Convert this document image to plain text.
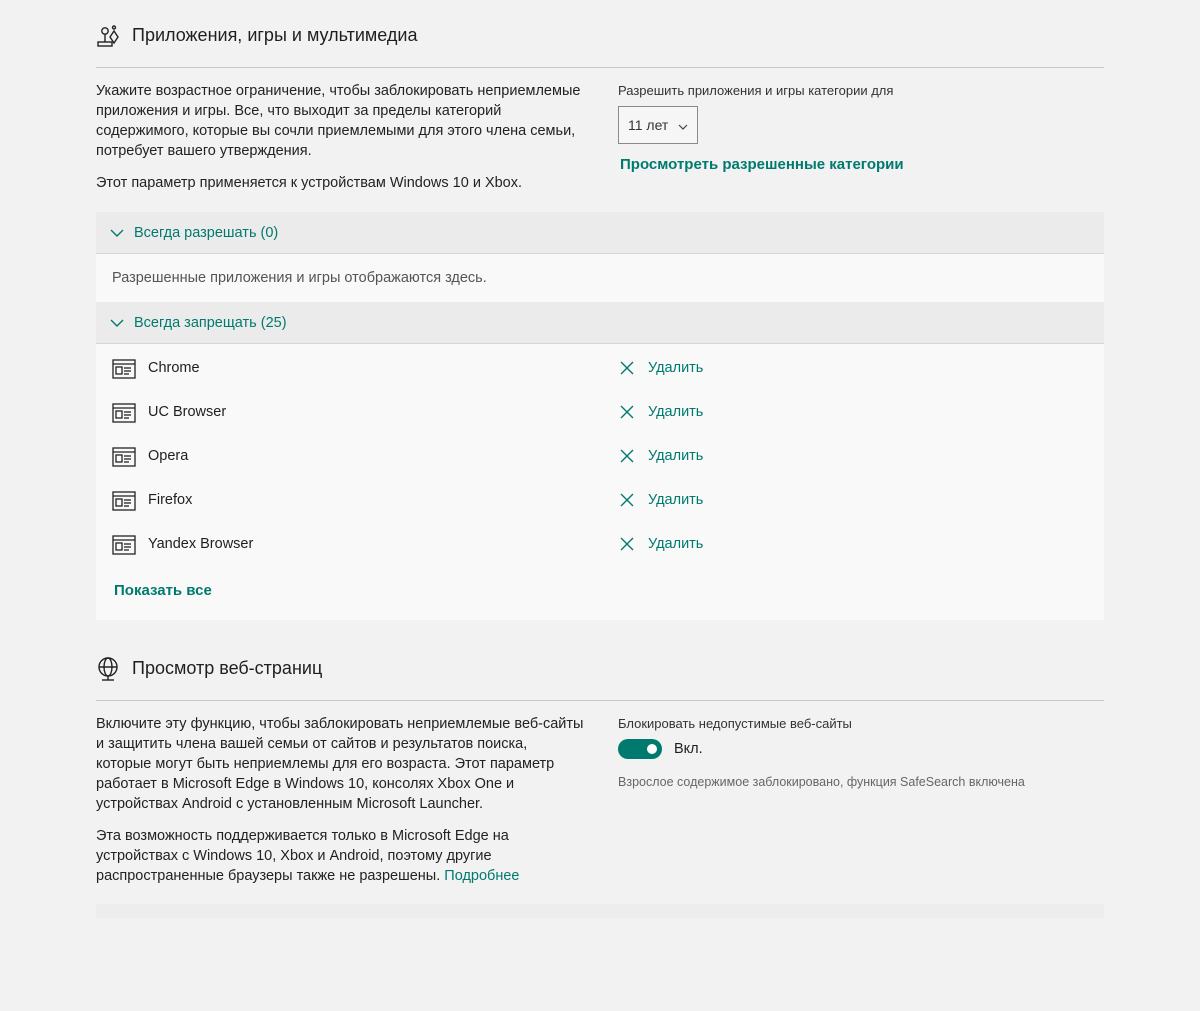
Приложения, игры и мультимедиа

Укажите возрастное ограничение, чтобы заблокировать неприемлемые приложения и игры. Все, что выходит за пределы категорий содержимого, которые вы сочли приемлемыми для этого члена семьи, потребует вашего утверждения.

Этот параметр применяется к устройствам Windows 10 и Xbox.

Разрешить приложения и игры категории для
11 лет
Просмотреть разрешенные категории
Всегда разрешать (0)
Разрешенные приложения и игры отображаются здесь.
Всегда запрещать (25)
Chrome	Удалить
UC Browser	Удалить
Opera	Удалить
Firefox	Удалить
Yandex Browser	Удалить
Показать все
Просмотр веб-страниц

Включите эту функцию, чтобы заблокировать неприемлемые веб-сайты и защитить члена вашей семьи от сайтов и результатов поиска, которые могут быть неприемлемы для его возраста. Этот параметр работает в Microsoft Edge в Windows 10, консолях Xbox One и устройствах Android с установленным Microsoft Launcher.

Эта возможность поддерживается только в Microsoft Edge на устройствах с Windows 10, Xbox и Android, поэтому другие распространенные браузеры также не разрешены. Подробнее

Блокировать недопустимые веб-сайты
Вкл.
Взрослое содержимое заблокировано, функция SafeSearch включена
